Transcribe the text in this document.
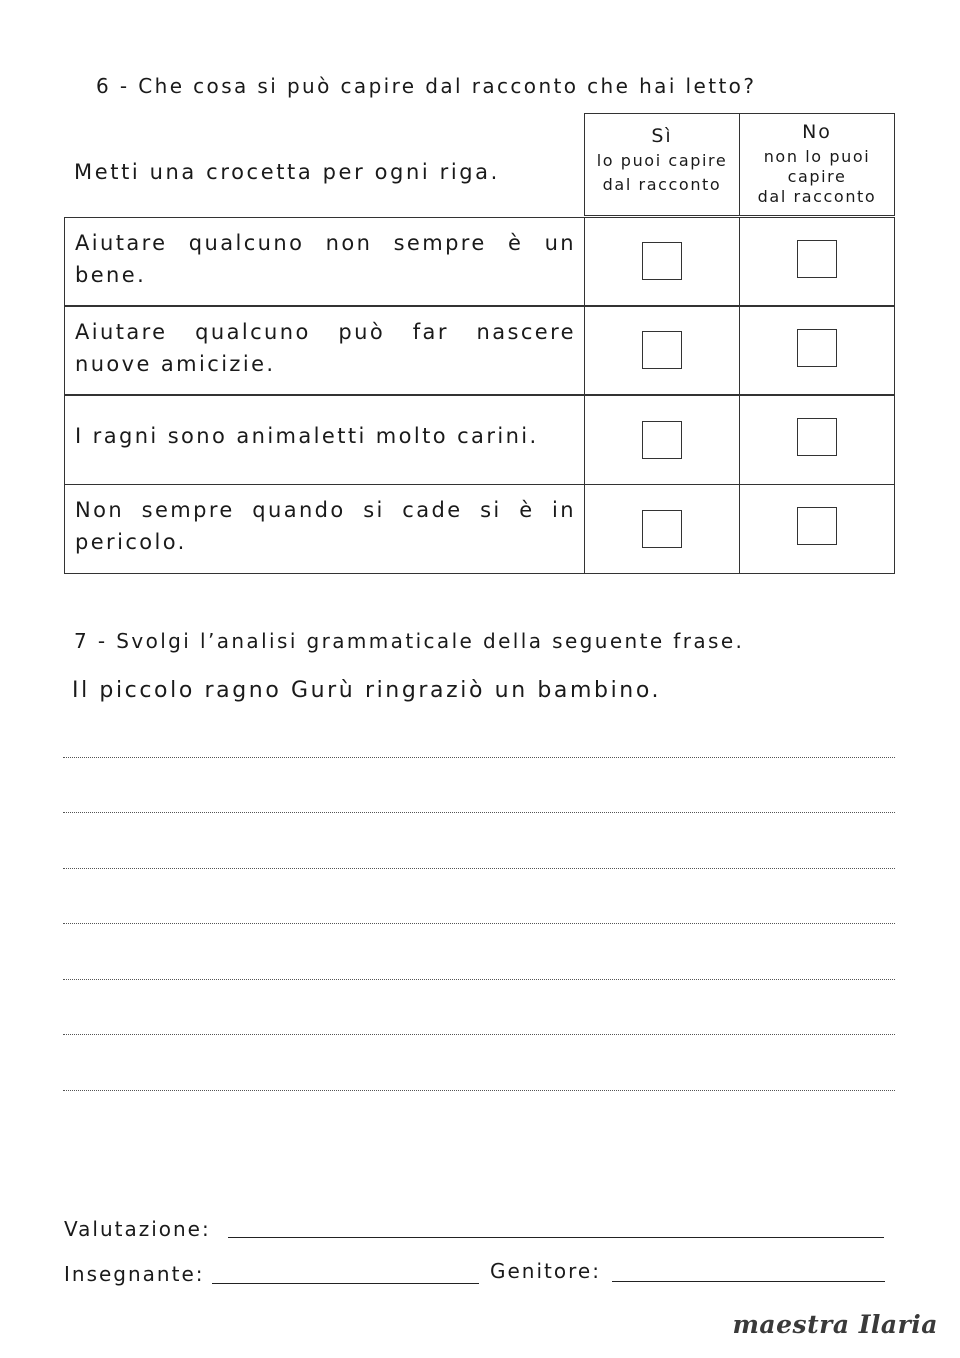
6 - Che cosa si può capire dal racconto che hai letto?
Metti una crocetta per ogni riga.
Sì
lo puoi capire
dal racconto
No
non lo puoi
capire
dal racconto
Aiutare qualcuno non sempre è un bene.
Aiutare qualcuno può far nascere nuove amicizie.
I ragni sono animaletti molto carini.
Non sempre quando si cade si è in pericolo.
7 - Svolgi l’analisi grammaticale della seguente frase.
Il piccolo ragno Gurù ringraziò un bambino.
Valutazione:
Insegnante:	Genitore:
maestra Ilaria
